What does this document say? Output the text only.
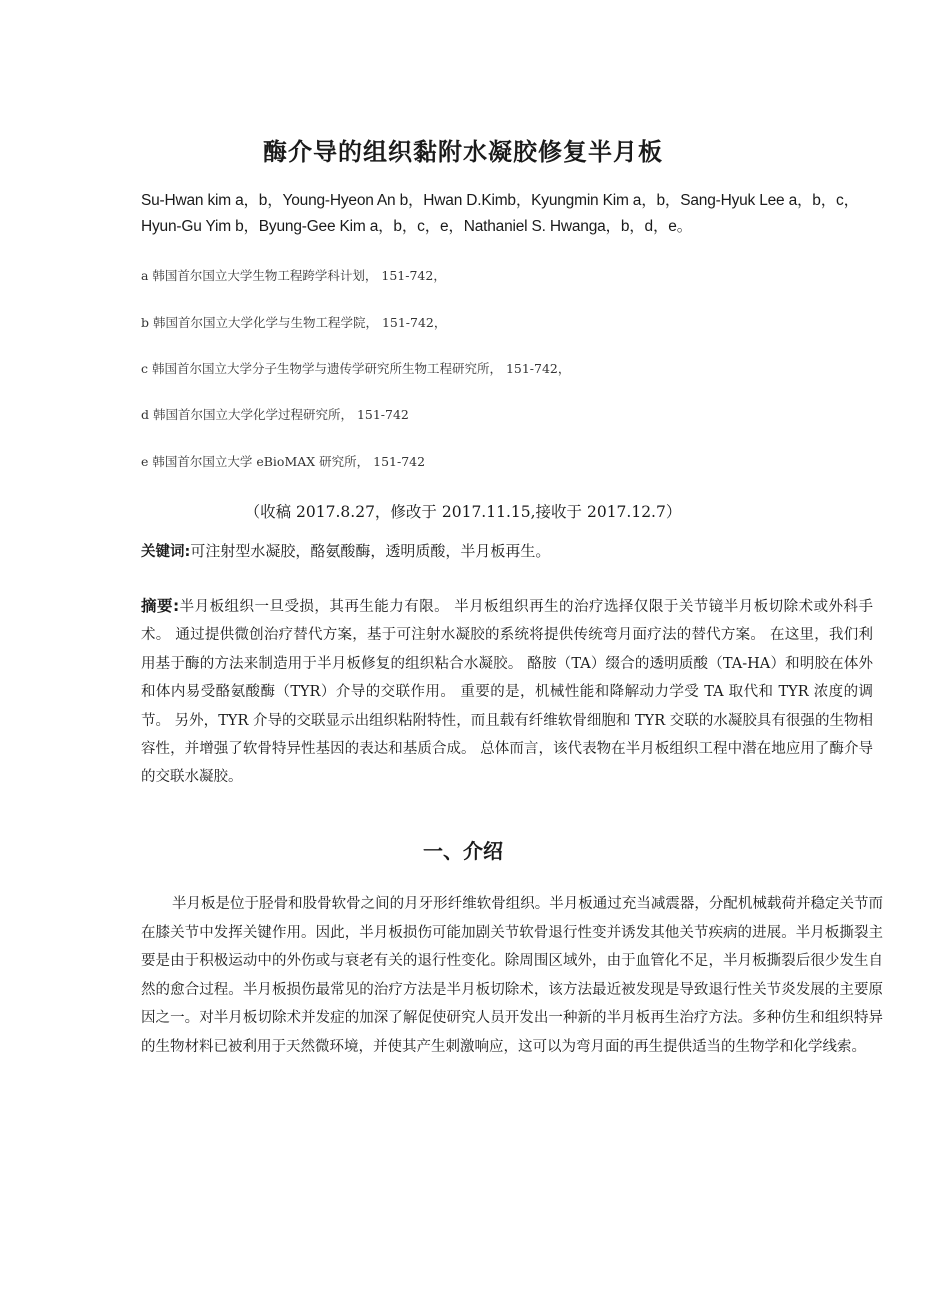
酶介导的组织黏附水凝胶修复半月板

Su-Hwan kim a，b，Young-Hyeon An b，Hwan D.Kimb，Kyungmin Kim a，b，Sang-Hyuk Lee a，b，c，Hyun-Gu Yim b，Byung-Gee Kim a，b，c，e，Nathaniel S. Hwanga，b，d，e。

a 韩国首尔国立大学生物工程跨学科计划， 151-742，

b 韩国首尔国立大学化学与生物工程学院， 151-742，

c 韩国首尔国立大学分子生物学与遗传学研究所生物工程研究所， 151-742，

d 韩国首尔国立大学化学过程研究所， 151-742

e 韩国首尔国立大学 eBioMAX 研究所， 151-742

（收稿 2017.8.27，修改于 2017.11.15,接收于 2017.12.7）

关键词:可注射型水凝胶，酪氨酸酶，透明质酸，半月板再生。

摘要:半月板组织一旦受损，其再生能力有限。 半月板组织再生的治疗选择仅限于关节镜半月板切除术或外科手术。 通过提供微创治疗替代方案，基于可注射水凝胶的系统将提供传统弯月面疗法的替代方案。 在这里，我们利用基于酶的方法来制造用于半月板修复的组织粘合水凝胶。 酪胺（TA）缀合的透明质酸（TA-HA）和明胶在体外和体内易受酪氨酸酶（TYR）介导的交联作用。 重要的是，机械性能和降解动力学受 TA 取代和 TYR 浓度的调节。 另外，TYR 介导的交联显示出组织粘附特性，而且载有纤维软骨细胞和 TYR 交联的水凝胶具有很强的生物相容性，并增强了软骨特异性基因的表达和基质合成。 总体而言，该代表物在半月板组织工程中潜在地应用了酶介导的交联水凝胶。

一、介绍

半月板是位于胫骨和股骨软骨之间的月牙形纤维软骨组织。半月板通过充当减震器，分配机械载荷并稳定关节而在膝关节中发挥关键作用。因此，半月板损伤可能加剧关节软骨退行性变并诱发其他关节疾病的进展。半月板撕裂主要是由于积极运动中的外伤或与衰老有关的退行性变化。除周围区域外，由于血管化不足，半月板撕裂后很少发生自然的愈合过程。半月板损伤最常见的治疗方法是半月板切除术，该方法最近被发现是导致退行性关节炎发展的主要原因之一。对半月板切除术并发症的加深了解促使研究人员开发出一种新的半月板再生治疗方法。多种仿生和组织特异的生物材料已被利用于天然微环境，并使其产生刺激响应，这可以为弯月面的再生提供适当的生物学和化学线索。
